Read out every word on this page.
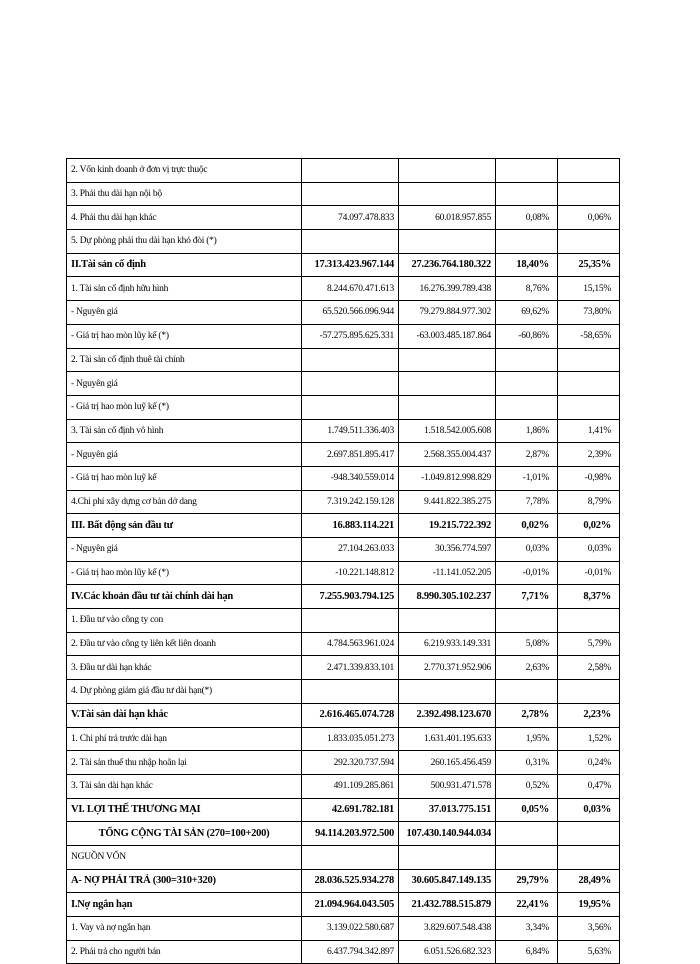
2. Vốn kinh doanh ở đơn vị trực thuộc				
3. Phải thu dài hạn nội bộ				
4. Phải thu dài hạn khác	74.097.478.833	60.018.957.855	0,08%	0,06%
5. Dự phòng phải thu dài hạn khó đòi (*)				
II.Tài sản cố định	17.313.423.967.144	27.236.764.180.322	18,40%	25,35%
1. Tài sản cố định hữu hình	8.244.670.471.613	16.276.399.789.438	8,76%	15,15%
- Nguyên giá	65.520.566.096.944	79.279.884.977.302	69,62%	73,80%
- Giá trị hao mòn lũy kế (*)	-57.275.895.625.331	-63.003.485.187.864	-60,86%	-58,65%
2. Tài sản cố định thuê tài chính				
- Nguyên giá				
- Giá trị hao mòn luỹ kế (*)				
3. Tài sản cố định vô hình	1.749.511.336.403	1.518.542.005.608	1,86%	1,41%
- Nguyên giá	2.697.851.895.417	2.568.355.004.437	2,87%	2,39%
- Giá trị hao mòn luỹ kế	-948.340.559.014	-1.049.812.998.829	-1,01%	-0,98%
4.Chi phí xây dựng cơ bản dở dang	7.319.242.159.128	9.441.822.385.275	7,78%	8,79%
III. Bất động sản đầu tư	16.883.114.221	19.215.722.392	0,02%	0,02%
- Nguyên giá	27.104.263.033	30.356.774.597	0,03%	0,03%
- Giá trị hao mòn lũy kế (*)	-10.221.148.812	-11.141.052.205	-0,01%	-0,01%
IV.Các khoản đầu tư tài chính dài hạn	7.255.903.794.125	8.990.305.102.237	7,71%	8,37%
1. Đầu tư vào công ty con				
2. Đầu tư vào công ty liên kết liên doanh	4.784.563.961.024	6.219.933.149.331	5,08%	5,79%
3. Đầu tư dài hạn khác	2.471.339.833.101	2.770.371.952.906	2,63%	2,58%
4. Dự phòng giảm giá đầu tư dài hạn(*)				
V.Tài sản dài hạn khác	2.616.465.074.728	2.392.498.123.670	2,78%	2,23%
1. Chi phí trả trước dài hạn	1.833.035.051.273	1.631.401.195.633	1,95%	1,52%
2. Tài sản thuế thu nhập hoãn lại	292.320.737.594	260.165.456.459	0,31%	0,24%
3. Tài sản dài hạn khác	491.109.285.861	500.931.471.578	0,52%	0,47%
VI. LỢI THẾ THƯƠNG MẠI	42.691.782.181	37.013.775.151	0,05%	0,03%
TỔNG CỘNG TÀI SẢN (270=100+200)	94.114.203.972.500	107.430.140.944.034		
NGUỒN VỐN				
A- NỢ PHẢI TRẢ (300=310+320)	28.036.525.934.278	30.605.847.149.135	29,79%	28,49%
I.Nợ ngắn hạn	21.094.964.043.505	21.432.788.515.879	22,41%	19,95%
1. Vay và nợ ngắn hạn	3.139.022.580.687	3.829.607.548.438	3,34%	3,56%
2. Phải trả cho người bán	6.437.794.342.897	6.051.526.682.323	6,84%	5,63%
